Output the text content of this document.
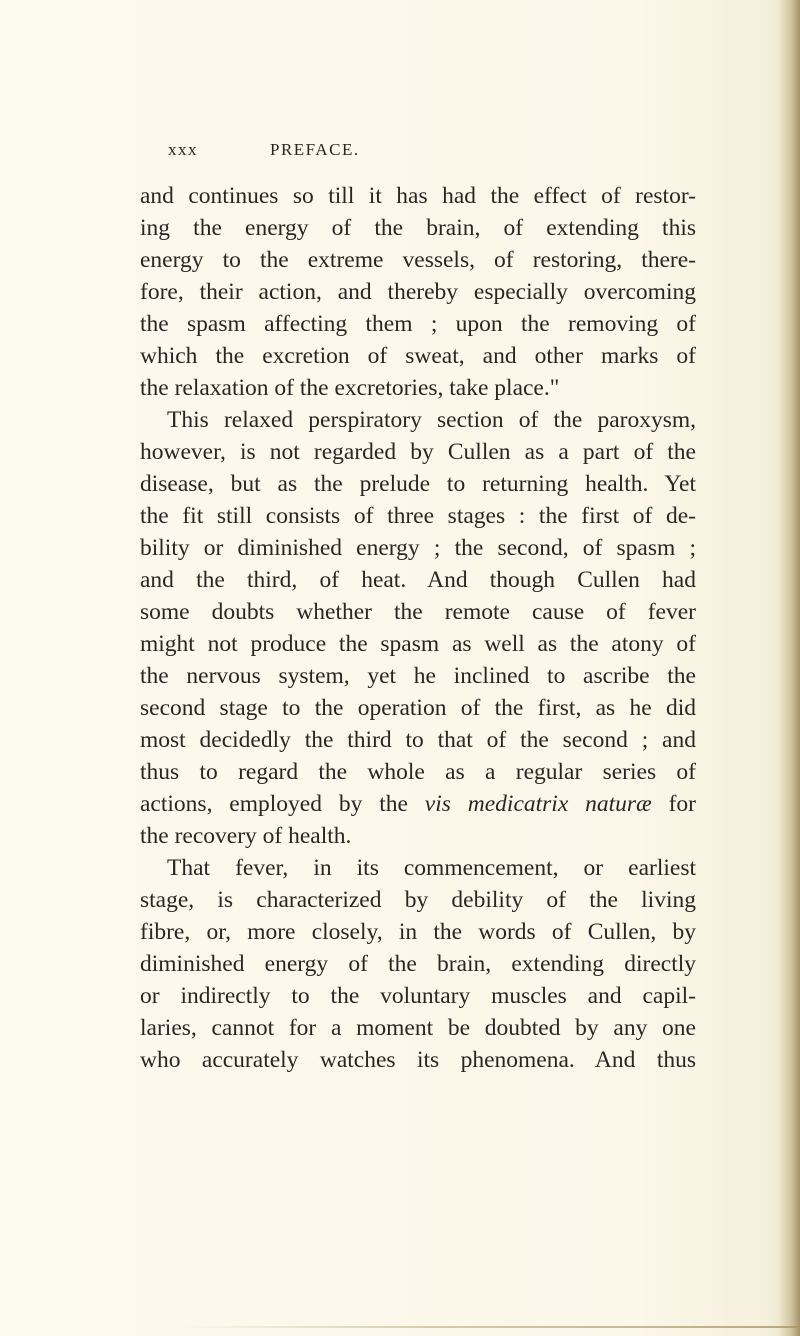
xxx	PREFACE.
and continues so till it has had the effect of restor-
ing the energy of the brain, of extending this
energy to the extreme vessels, of restoring, there-
fore, their action, and thereby especially overcoming
the spasm affecting them ; upon the removing of
which the excretion of sweat, and other marks of
the relaxation of the excretories, take place."
This relaxed perspiratory section of the paroxysm,
however, is not regarded by Cullen as a part of the
disease, but as the prelude to returning health. Yet
the fit still consists of three stages : the first of de-
bility or diminished energy ; the second, of spasm ;
and the third, of heat. And though Cullen had
some doubts whether the remote cause of fever
might not produce the spasm as well as the atony of
the nervous system, yet he inclined to ascribe the
second stage to the operation of the first, as he did
most decidedly the third to that of the second ; and
thus to regard the whole as a regular series of
actions, employed by the vis medicatrix naturæ for
the recovery of health.
That fever, in its commencement, or earliest
stage, is characterized by debility of the living
fibre, or, more closely, in the words of Cullen, by
diminished energy of the brain, extending directly
or indirectly to the voluntary muscles and capil-
laries, cannot for a moment be doubted by any one
who accurately watches its phenomena. And thus
